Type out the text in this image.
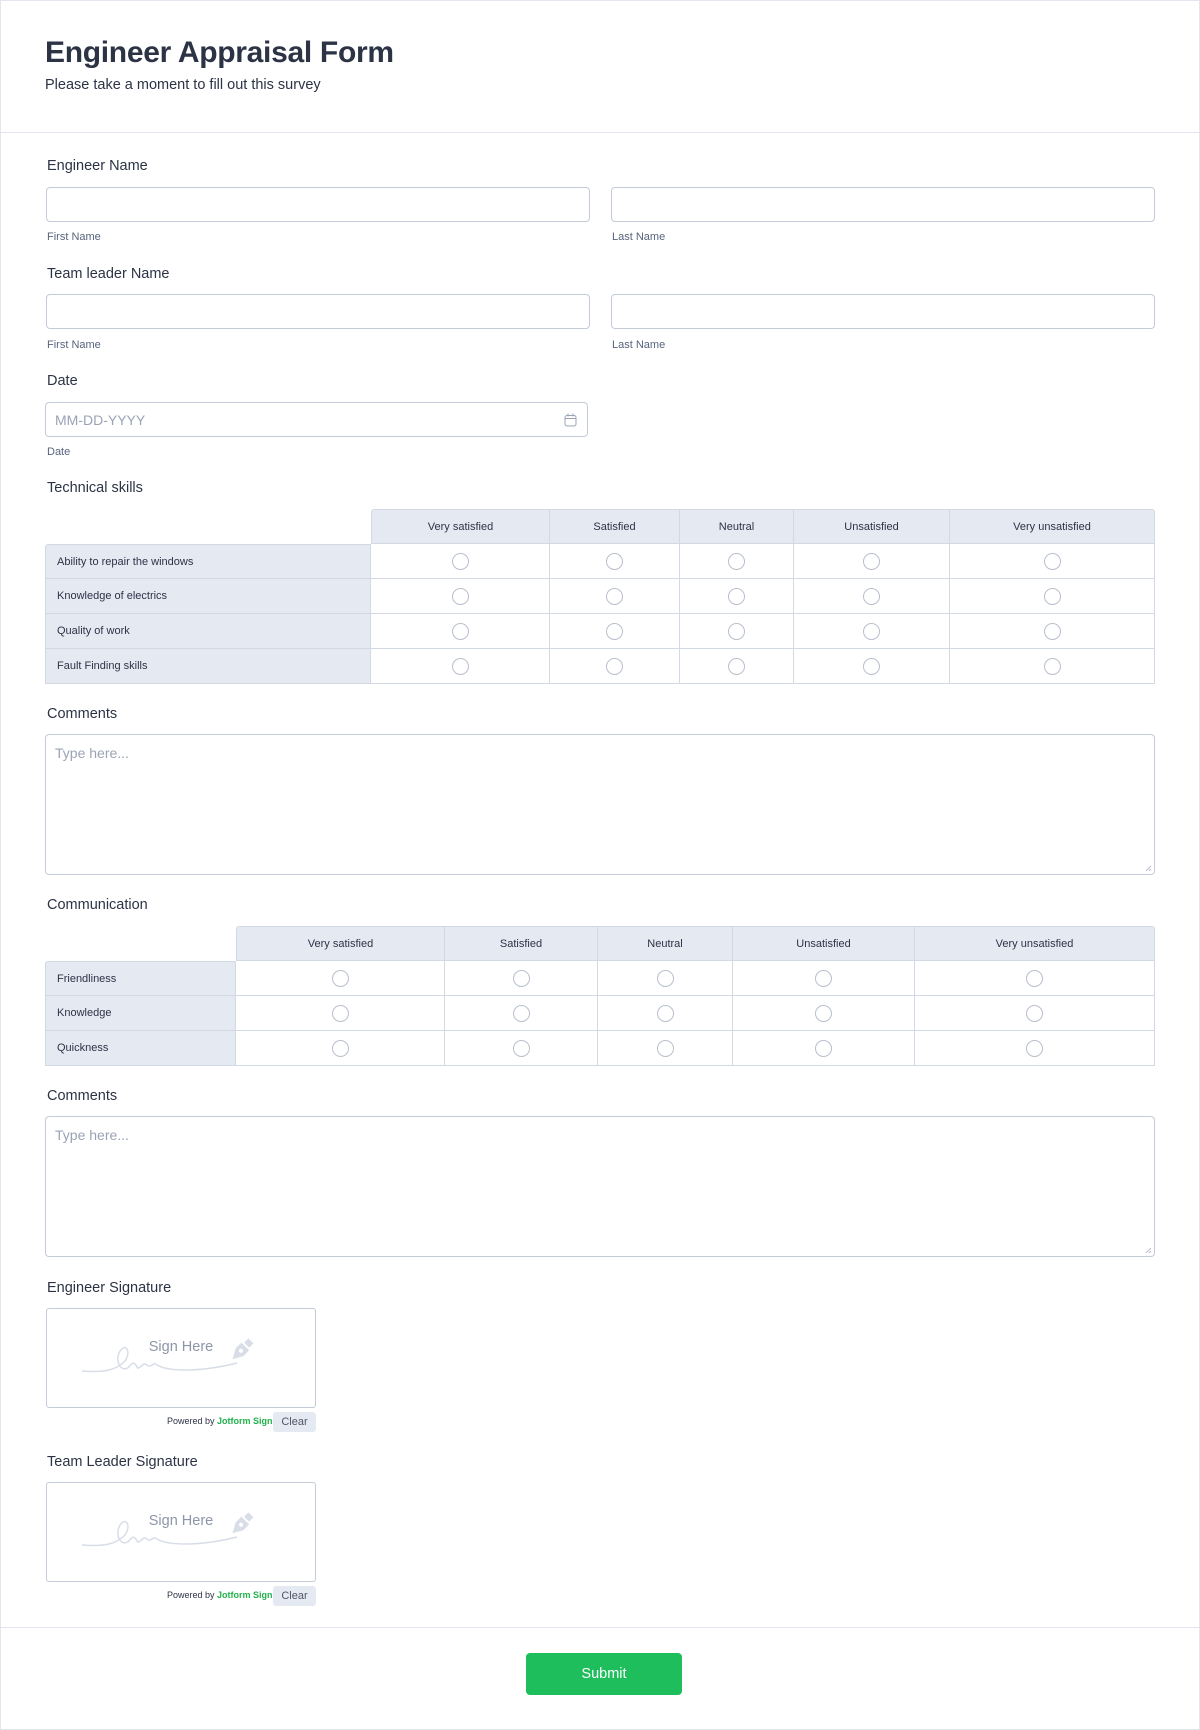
Engineer Appraisal Form
Please take a moment to fill out this survey
Engineer Name
First Name	Last Name
Team leader Name
First Name	Last Name
Date
MM-DD-YYYY
Date
Technical skills
	Very satisfied	Satisfied	Neutral	Unsatisfied	Very unsatisfied
Ability to repair the windows					
Knowledge of electrics					
Quality of work					
Fault Finding skills					
Comments
Type here...
Communication
	Very satisfied	Satisfied	Neutral	Unsatisfied	Very unsatisfied
Friendliness					
Knowledge					
Quickness					
Comments
Type here...
Engineer Signature
Sign Here
Powered by Jotform Sign Clear
Team Leader Signature
Sign Here
Powered by Jotform Sign Clear
Submit
